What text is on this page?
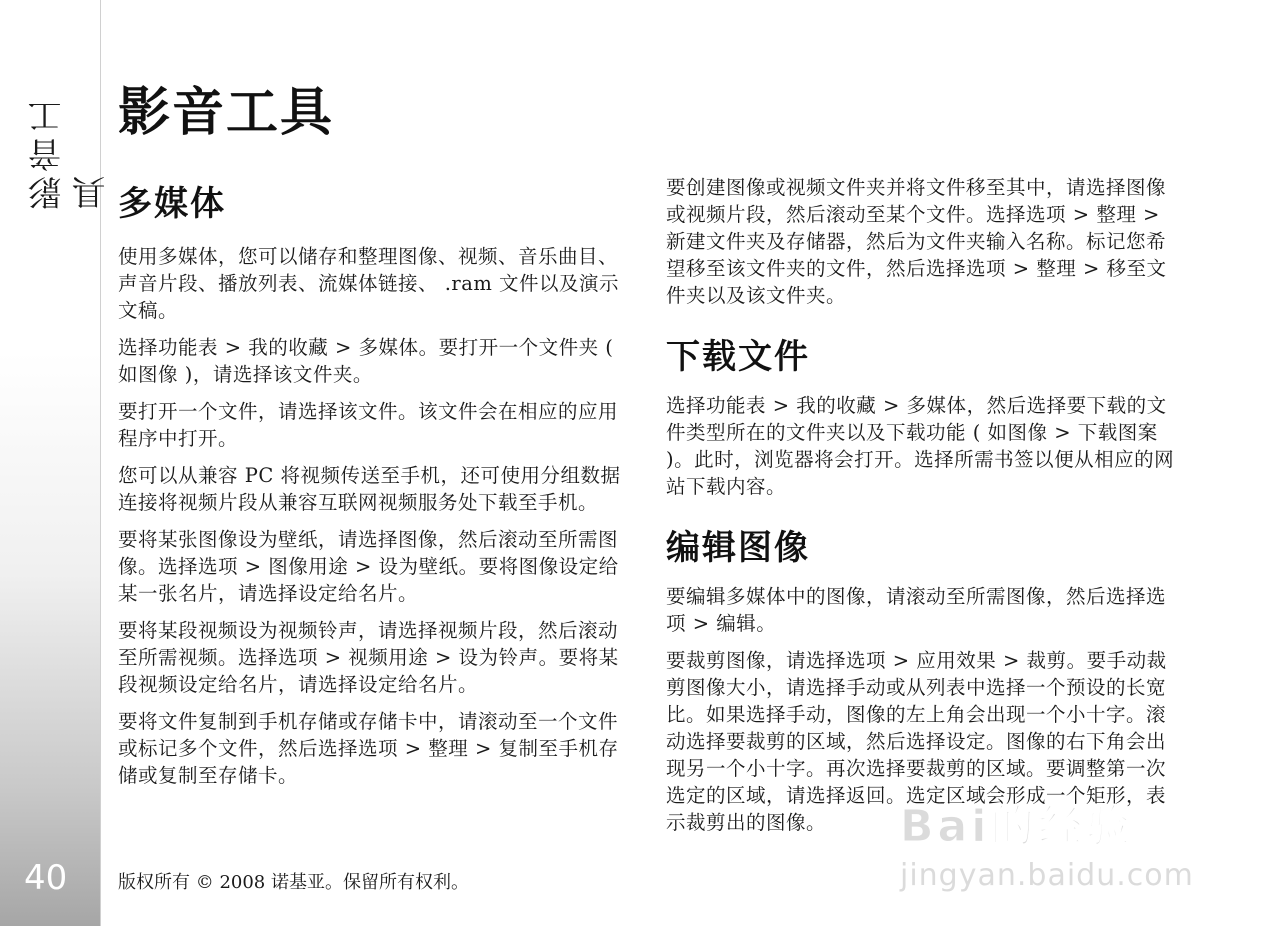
影音工具
40
影音工具
多媒体

使用多媒体，您可以储存和整理图像、视频、音乐曲目、声音片段、播放列表、流媒体链接、 .ram 文件以及演示文稿。

选择功能表 > 我的收藏 > 多媒体。要打开一个文件夹 ( 如图像 )，请选择该文件夹。

要打开一个文件，请选择该文件。该文件会在相应的应用程序中打开。

您可以从兼容 PC 将视频传送至手机，还可使用分组数据连接将视频片段从兼容互联网视频服务处下载至手机。

要将某张图像设为壁纸，请选择图像，然后滚动至所需图像。选择选项 > 图像用途 > 设为壁纸。要将图像设定给某一张名片，请选择设定给名片。

要将某段视频设为视频铃声，请选择视频片段，然后滚动至所需视频。选择选项 > 视频用途 > 设为铃声。要将某段视频设定给名片，请选择设定给名片。

要将文件复制到手机存储或存储卡中，请滚动至一个文件或标记多个文件，然后选择选项 > 整理 > 复制至手机存储或复制至存储卡。

要创建图像或视频文件夹并将文件移至其中，请选择图像或视频片段，然后滚动至某个文件。选择选项 > 整理 > 新建文件夹及存储器，然后为文件夹输入名称。标记您希望移至该文件夹的文件，然后选择选项 > 整理 > 移至文件夹以及该文件夹。

下载文件

选择功能表 > 我的收藏 > 多媒体，然后选择要下载的文件类型所在的文件夹以及下载功能 ( 如图像 > 下载图案 )。此时，浏览器将会打开。选择所需书签以便从相应的网站下载内容。

编辑图像

要编辑多媒体中的图像，请滚动至所需图像，然后选择选项 > 编辑。

要裁剪图像，请选择选项 > 应用效果 > 裁剪。要手动裁剪图像大小，请选择手动或从列表中选择一个预设的长宽比。如果选择手动，图像的左上角会出现一个小十字。滚动选择要裁剪的区域，然后选择设定。图像的右下角会出现另一个小十字。再次选择要裁剪的区域。要调整第一次选定的区域，请选择返回。选定区域会形成一个矩形，表示裁剪出的图像。

版权所有 © 2008 诺基亚。保留所有权利。
Bai的经验
jingyan.baidu.com
